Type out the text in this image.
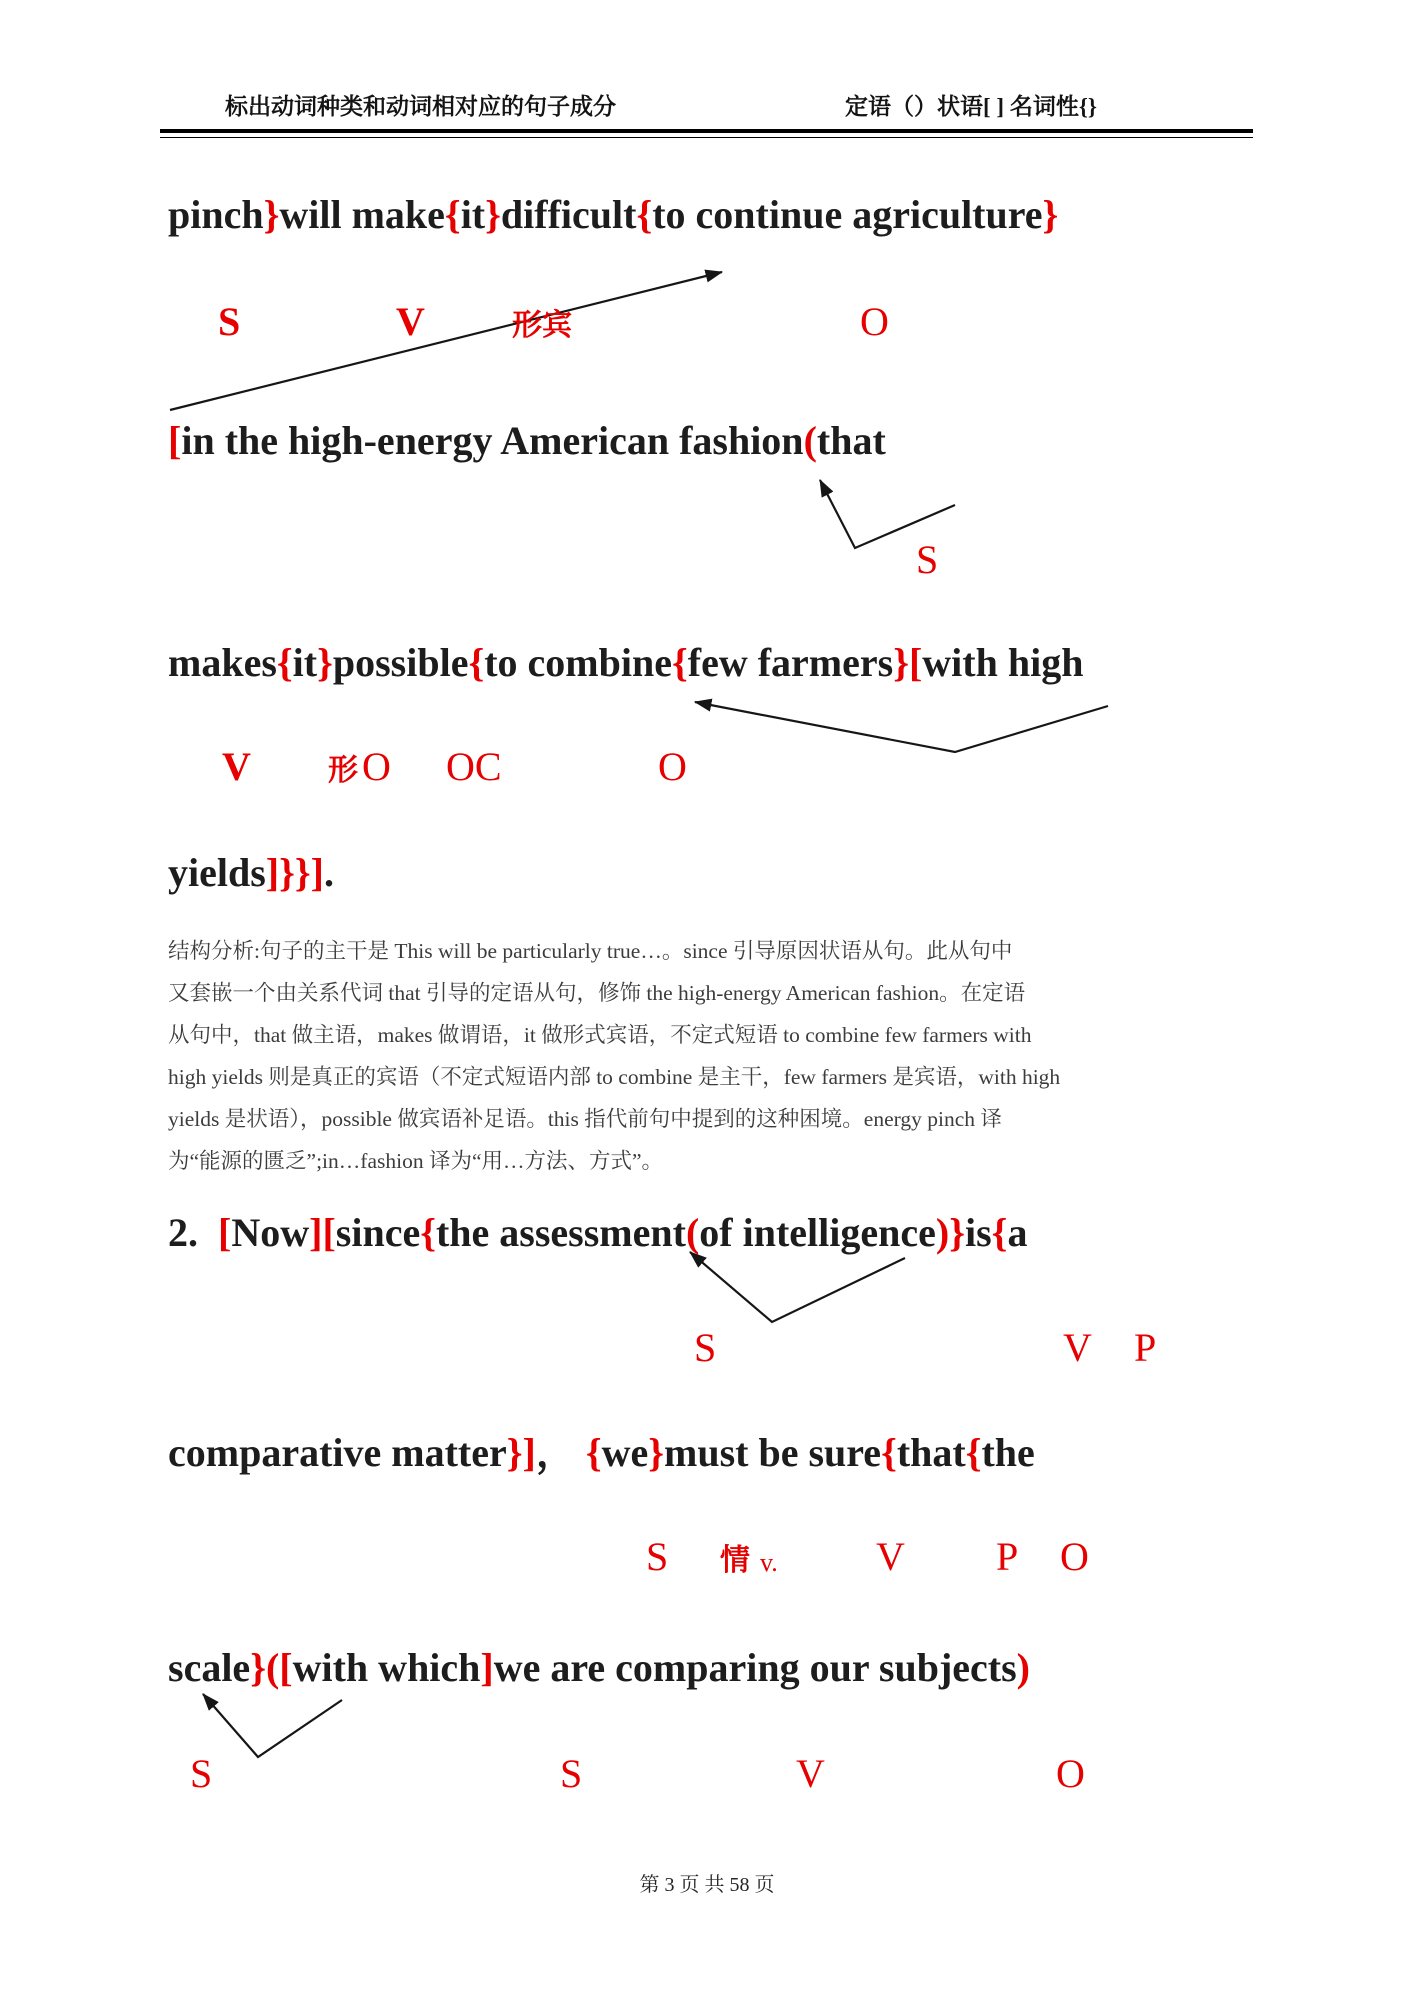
标出动词种类和动词相对应的句子成分	定语（）状语[ ] 名词性{}
pinch}will make{it}difficult{to continue agriculture}
S	V	形宾	O
[in the high-energy American fashion(that
S
makes{it}possible{to combine{few farmers}[with high
V	形 O OC	O
yields]}}].
结构分析:句子的主干是 This will be particularly true…。since 引导原因状语从句。此从句中
又套嵌一个由关系代词 that 引导的定语从句，修饰 the high-energy American fashion。在定语
从句中，that 做主语，makes 做谓语，it 做形式宾语，不定式短语 to combine few farmers with
high yields 则是真正的宾语（不定式短语内部 to combine 是主干，few farmers 是宾语，with high
yields 是状语），possible 做宾语补足语。this 指代前句中提到的这种困境。energy pinch 译
为“能源的匮乏”;in…fashion 译为“用…方法、方式”。
2.  [Now][since{the assessment(of intelligence)}is{a
S	V P
comparative matter}]， {we}must be sure{that{the
S 情 v. V P O
scale}([with which]we are comparing our subjects)
S	S	V	O
第 3 页 共 58 页
